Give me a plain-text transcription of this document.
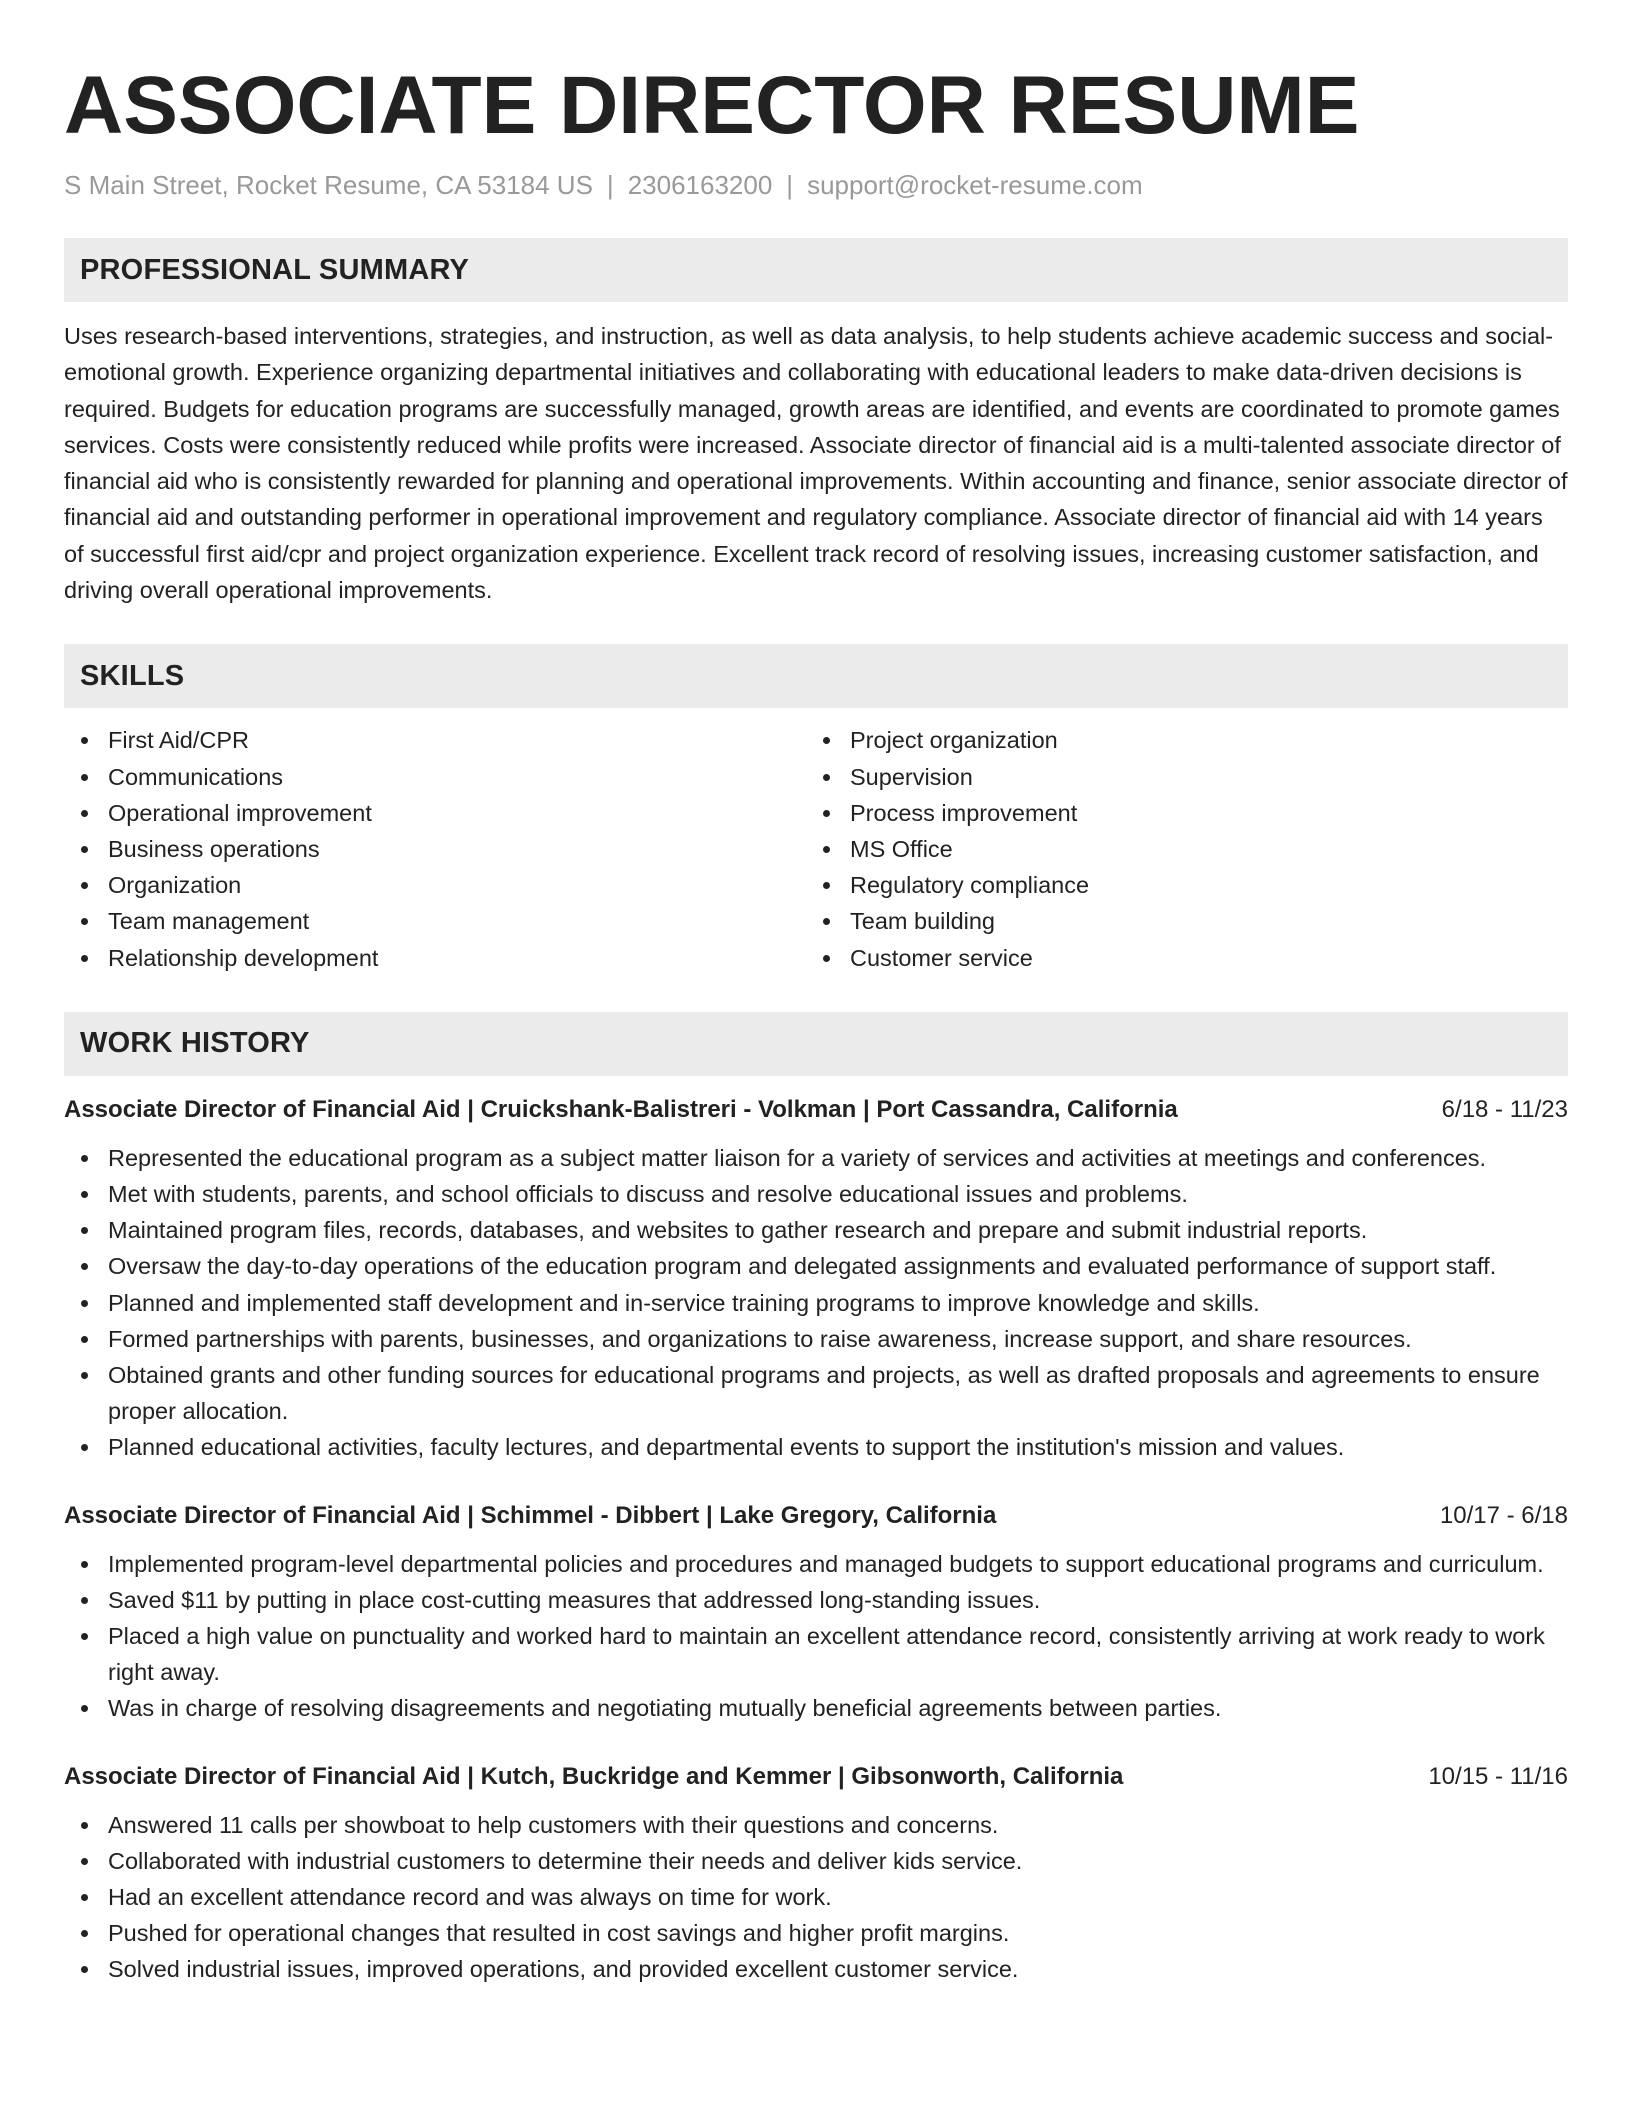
ASSOCIATE DIRECTOR RESUME
S Main Street, Rocket Resume, CA 53184 US | 2306163200 | support@rocket-resume.com
PROFESSIONAL SUMMARY
Uses research-based interventions, strategies, and instruction, as well as data analysis, to help students achieve academic success and social-emotional growth. Experience organizing departmental initiatives and collaborating with educational leaders to make data-driven decisions is required. Budgets for education programs are successfully managed, growth areas are identified, and events are coordinated to promote games services. Costs were consistently reduced while profits were increased. Associate director of financial aid is a multi-talented associate director of financial aid who is consistently rewarded for planning and operational improvements. Within accounting and finance, senior associate director of financial aid and outstanding performer in operational improvement and regulatory compliance. Associate director of financial aid with 14 years of successful first aid/cpr and project organization experience. Excellent track record of resolving issues, increasing customer satisfaction, and driving overall operational improvements.
SKILLS
First Aid/CPR
Communications
Operational improvement
Business operations
Organization
Team management
Relationship development
Project organization
Supervision
Process improvement
MS Office
Regulatory compliance
Team building
Customer service
WORK HISTORY
Associate Director of Financial Aid | Cruickshank-Balistreri - Volkman | Port Cassandra, California	6/18 - 11/23
Represented the educational program as a subject matter liaison for a variety of services and activities at meetings and conferences.
Met with students, parents, and school officials to discuss and resolve educational issues and problems.
Maintained program files, records, databases, and websites to gather research and prepare and submit industrial reports.
Oversaw the day-to-day operations of the education program and delegated assignments and evaluated performance of support staff.
Planned and implemented staff development and in-service training programs to improve knowledge and skills.
Formed partnerships with parents, businesses, and organizations to raise awareness, increase support, and share resources.
Obtained grants and other funding sources for educational programs and projects, as well as drafted proposals and agreements to ensure proper allocation.
Planned educational activities, faculty lectures, and departmental events to support the institution's mission and values.
Associate Director of Financial Aid | Schimmel - Dibbert | Lake Gregory, California	10/17 - 6/18
Implemented program-level departmental policies and procedures and managed budgets to support educational programs and curriculum.
Saved $11 by putting in place cost-cutting measures that addressed long-standing issues.
Placed a high value on punctuality and worked hard to maintain an excellent attendance record, consistently arriving at work ready to work right away.
Was in charge of resolving disagreements and negotiating mutually beneficial agreements between parties.
Associate Director of Financial Aid | Kutch, Buckridge and Kemmer | Gibsonworth, California	10/15 - 11/16
Answered 11 calls per showboat to help customers with their questions and concerns.
Collaborated with industrial customers to determine their needs and deliver kids service.
Had an excellent attendance record and was always on time for work.
Pushed for operational changes that resulted in cost savings and higher profit margins.
Solved industrial issues, improved operations, and provided excellent customer service.
